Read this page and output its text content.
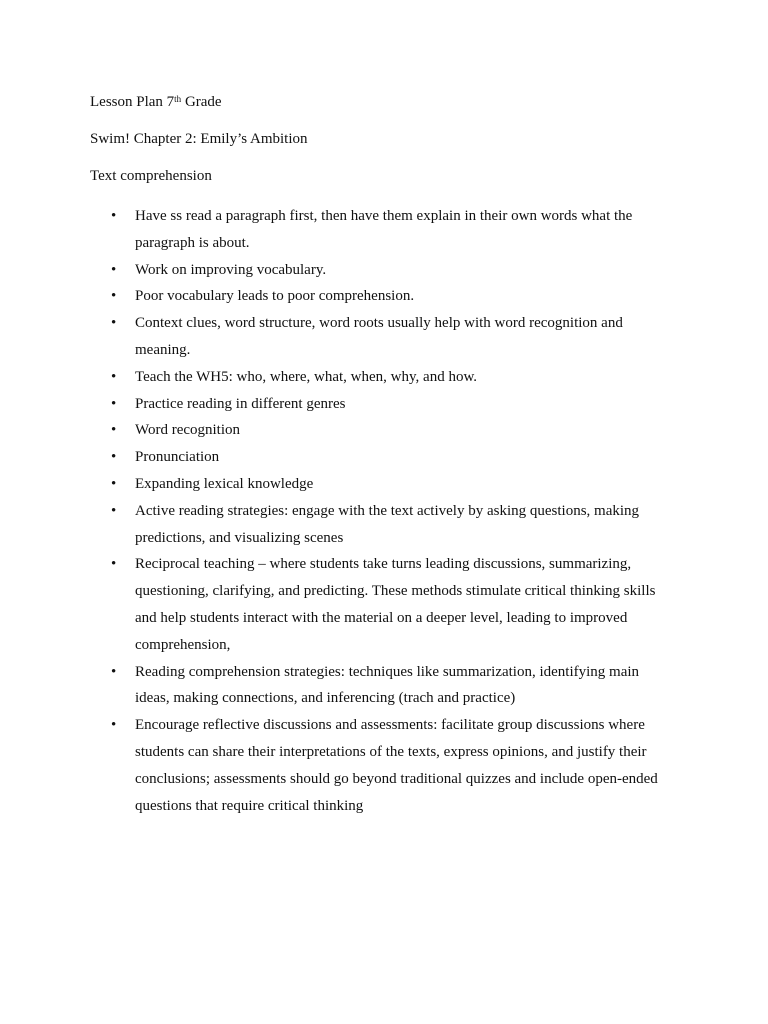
Lesson Plan 7th Grade

Swim! Chapter 2: Emily’s Ambition

Text comprehension

• Have ss read a paragraph first, then have them explain in their own words what the paragraph is about.
• Work on improving vocabulary.
• Poor vocabulary leads to poor comprehension.
• Context clues, word structure, word roots usually help with word recognition and meaning.
• Teach the WH5: who, where, what, when, why, and how.
• Practice reading in different genres
• Word recognition
• Pronunciation
• Expanding lexical knowledge
• Active reading strategies: engage with the text actively by asking questions, making predictions, and visualizing scenes
• Reciprocal teaching – where students take turns leading discussions, summarizing, questioning, clarifying, and predicting. These methods stimulate critical thinking skills and help students interact with the material on a deeper level, leading to improved comprehension,
• Reading comprehension strategies: techniques like summarization, identifying main ideas, making connections, and inferencing (trach and practice)
• Encourage reflective discussions and assessments: facilitate group discussions where students can share their interpretations of the texts, express opinions, and justify their conclusions; assessments should go beyond traditional quizzes and include open-ended questions that require critical thinking
